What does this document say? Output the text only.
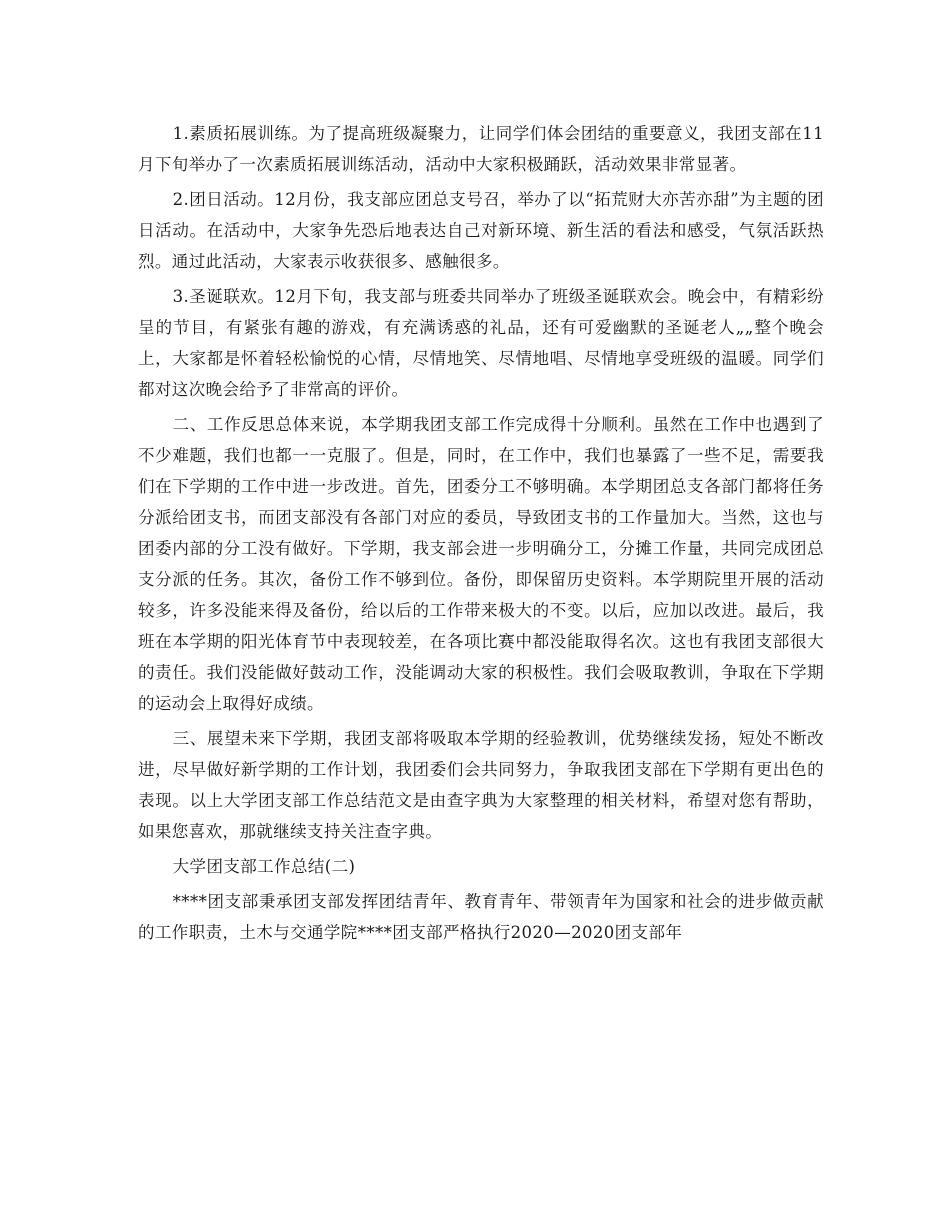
1.素质拓展训练。为了提高班级凝聚力，让同学们体会团结的重要意义，我团支部在11月下旬举办了一次素质拓展训练活动，活动中大家积极踊跃，活动效果非常显著。

2.团日活动。12月份，我支部应团总支号召，举办了以“拓荒财大亦苦亦甜”为主题的团日活动。在活动中，大家争先恐后地表达自己对新环境、新生活的看法和感受，气氛活跃热烈。通过此活动，大家表示收获很多、感触很多。

3.圣诞联欢。12月下旬，我支部与班委共同举办了班级圣诞联欢会。晚会中，有精彩纷呈的节目，有紧张有趣的游戏，有充满诱惑的礼品，还有可爱幽默的圣诞老人„„整个晚会上，大家都是怀着轻松愉悦的心情，尽情地笑、尽情地唱、尽情地享受班级的温暖。同学们都对这次晚会给予了非常高的评价。

二、工作反思总体来说，本学期我团支部工作完成得十分顺利。虽然在工作中也遇到了不少难题，我们也都一一克服了。但是，同时，在工作中，我们也暴露了一些不足，需要我们在下学期的工作中进一步改进。首先，团委分工不够明确。本学期团总支各部门都将任务分派给团支书，而团支部没有各部门对应的委员，导致团支书的工作量加大。当然，这也与团委内部的分工没有做好。下学期，我支部会进一步明确分工，分摊工作量，共同完成团总支分派的任务。其次，备份工作不够到位。备份，即保留历史资料。本学期院里开展的活动较多，许多没能来得及备份，给以后的工作带来极大的不变。以后，应加以改进。最后，我班在本学期的阳光体育节中表现较差，在各项比赛中都没能取得名次。这也有我团支部很大的责任。我们没能做好鼓动工作，没能调动大家的积极性。我们会吸取教训，争取在下学期的运动会上取得好成绩。

三、展望未来下学期，我团支部将吸取本学期的经验教训，优势继续发扬，短处不断改进，尽早做好新学期的工作计划，我团委们会共同努力，争取我团支部在下学期有更出色的表现。以上大学团支部工作总结范文是由查字典为大家整理的相关材料，希望对您有帮助，如果您喜欢，那就继续支持关注查字典。

大学团支部工作总结(二)

****团支部秉承团支部发挥团结青年、教育青年、带领青年为国家和社会的进步做贡献的工作职责，土木与交通学院****团支部严格执行2020—2020团支部年
